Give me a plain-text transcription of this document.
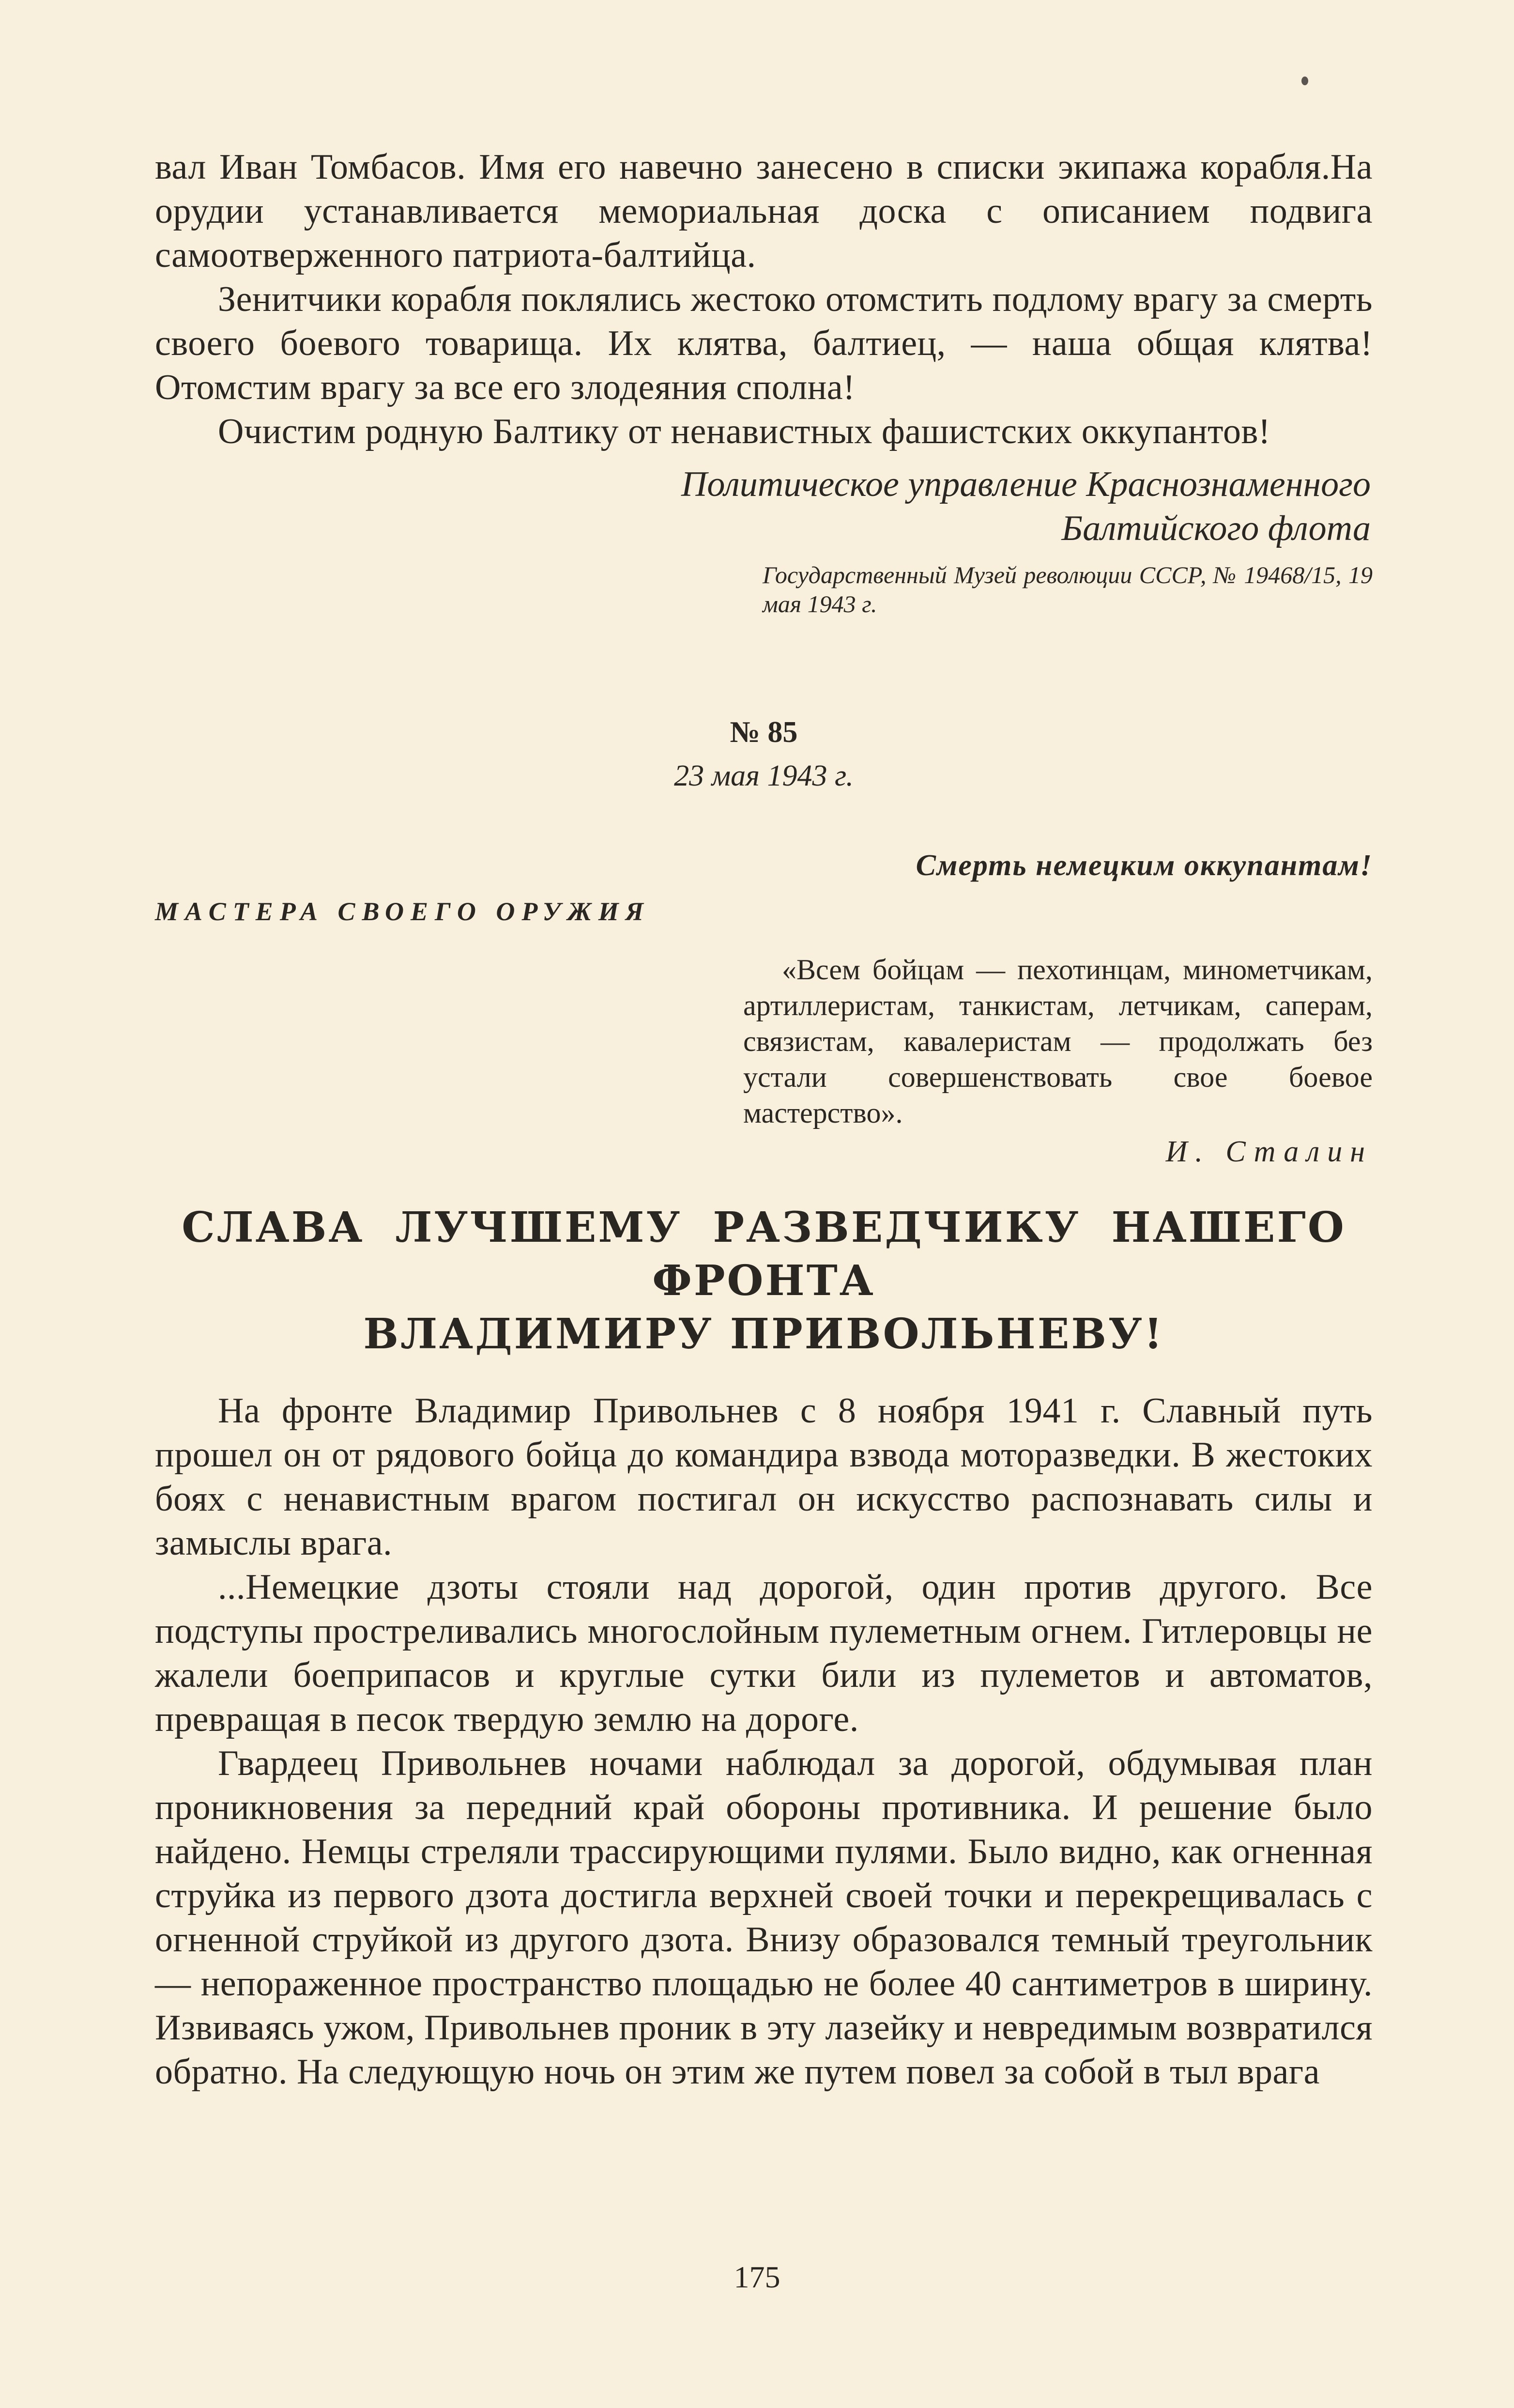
вал Иван Томбасов. Имя его навечно занесено в списки экипажа корабля.На орудии устанавливается мемориальная доска с описанием подвига самоотверженного патриота-балтийца.

Зенитчики корабля поклялись жестоко отомстить подлому врагу за смерть своего боевого товарища. Их клятва, балтиец, — наша общая клятва! Отомстим врагу за все его злодеяния сполна!

Очистим родную Балтику от ненавистных фашистских оккупантов!

Политическое управление Краснознаменного
Балтийского флота
Государственный Музей революции СССР, № 19468/15, 19 мая 1943 г.
№ 85
23 мая 1943 г.
Смерть немецким оккупантам!
МАСТЕРА СВОЕГО ОРУЖИЯ

«Всем бойцам — пехотинцам, минометчикам, артиллеристам, танкистам, летчикам, саперам, связистам, кавалеристам — продолжать без устали совершенствовать свое боевое мастерство».

И. Сталин
СЛАВА ЛУЧШЕМУ РАЗВЕДЧИКУ НАШЕГО ФРОНТА
ВЛАДИМИРУ ПРИВОЛЬНЕВУ!

На фронте Владимир Привольнев с 8 ноября 1941 г. Славный путь прошел он от рядового бойца до командира взвода моторазведки. В жестоких боях с ненавистным врагом постигал он искусство распознавать силы и замыслы врага.

...Немецкие дзоты стояли над дорогой, один против другого. Все подступы простреливались многослойным пулеметным огнем. Гитлеровцы не жалели боеприпасов и круглые сутки били из пулеметов и автоматов, превращая в песок твердую землю на дороге.

Гвардеец Привольнев ночами наблюдал за дорогой, обдумывая план проникновения за передний край обороны противника. И решение было найдено. Немцы стреляли трассирующими пулями. Было видно, как огненная струйка из первого дзота достигла верхней своей точки и перекрещивалась с огненной струйкой из другого дзота. Внизу образовался темный треугольник — непораженное пространство площадью не более 40 сантиметров в ширину. Извиваясь ужом, Привольнев проник в эту лазейку и невредимым возвратился обратно. На следующую ночь он этим же путем повел за собой в тыл врага

175
